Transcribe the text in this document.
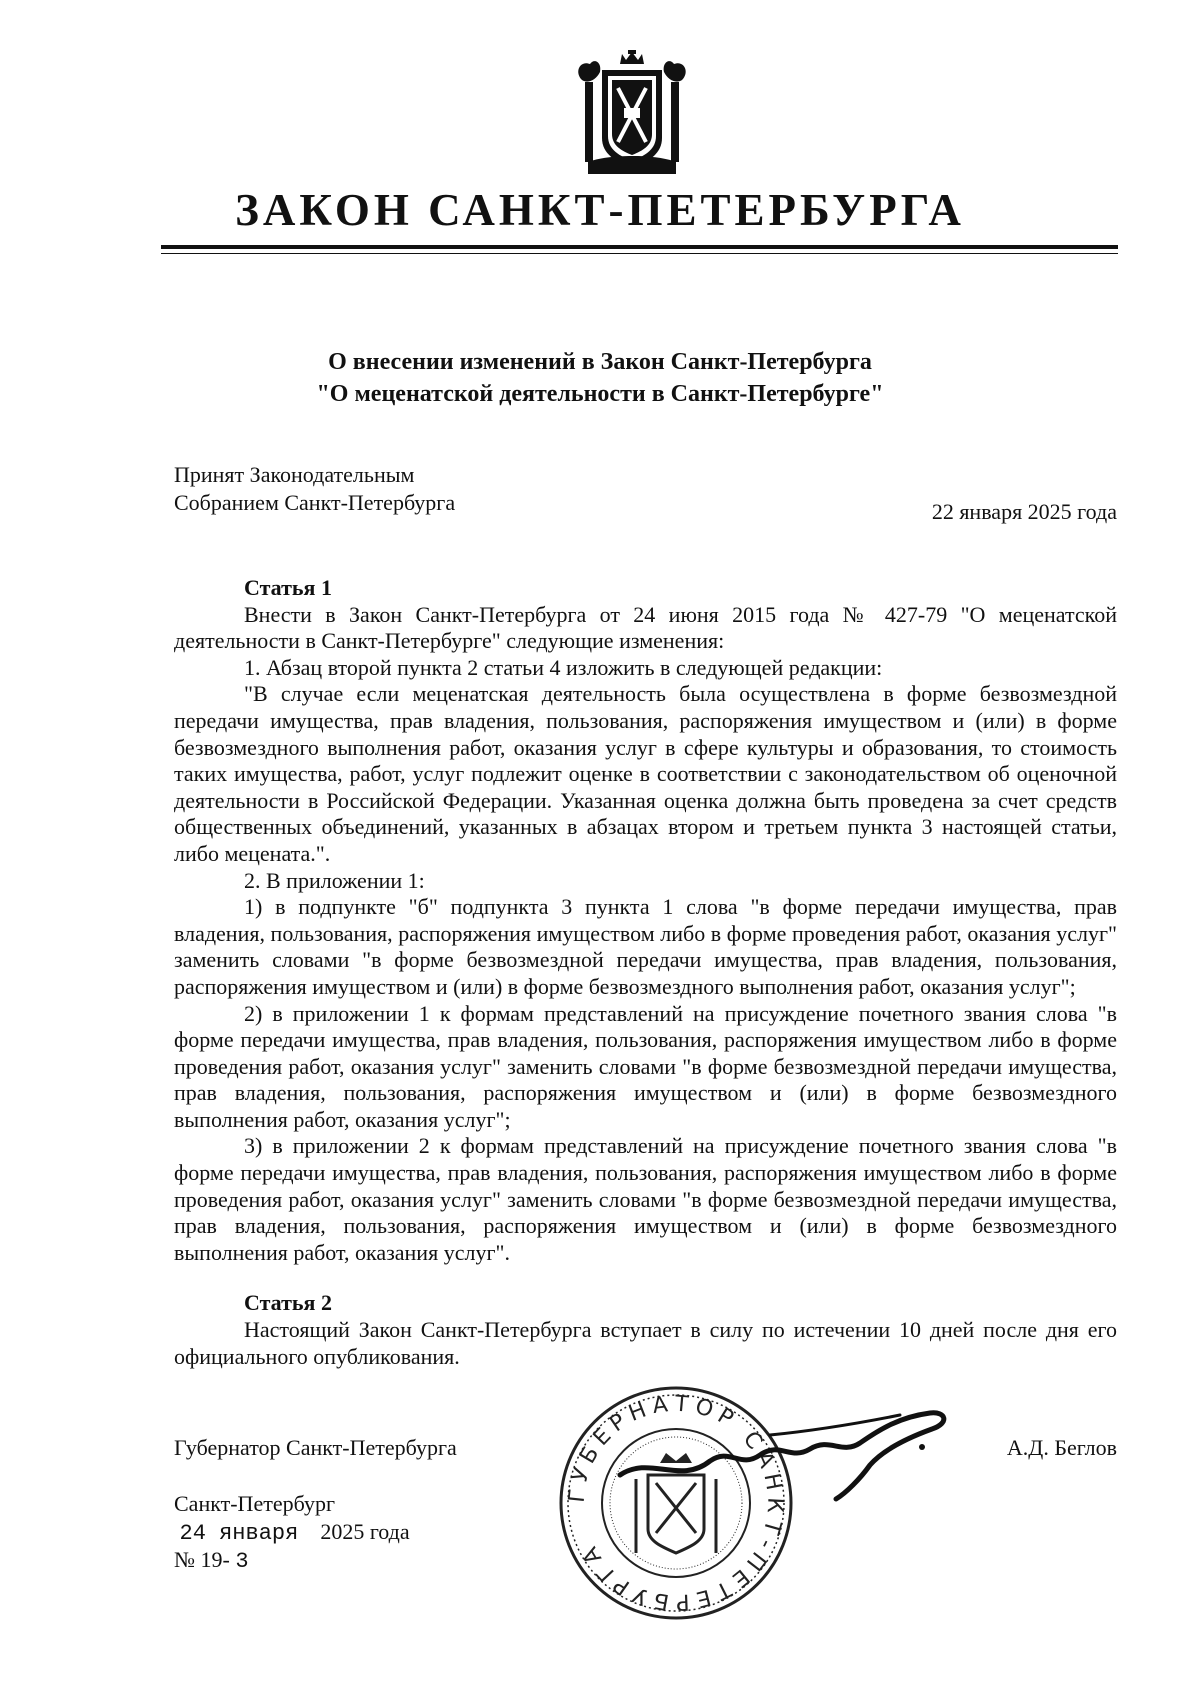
ЗАКОН САНКТ-ПЕТЕРБУРГА
О внесении изменений в Закон Санкт-Петербурга
"О меценатской деятельности в Санкт-Петербурге"
Принят Законодательным
Собранием Санкт-Петербурга	22 января 2025 года

Статья 1

Внести в Закон Санкт-Петербурга от 24 июня 2015 года № 427-79 "О меценатской деятельности в Санкт-Петербурге" следующие изменения:

1. Абзац второй пункта 2 статьи 4 изложить в следующей редакции:

"В случае если меценатская деятельность была осуществлена в форме безвозмездной передачи имущества, прав владения, пользования, распоряжения имуществом и (или) в форме безвозмездного выполнения работ, оказания услуг в сфере культуры и образования, то стоимость таких имущества, работ, услуг подлежит оценке в соответствии с законодательством об оценочной деятельности в Российской Федерации. Указанная оценка должна быть проведена за счет средств общественных объединений, указанных в абзацах втором и третьем пункта 3 настоящей статьи, либо мецената.".

2. В приложении 1:

1) в подпункте "б" подпункта 3 пункта 1 слова "в форме передачи имущества, прав владения, пользования, распоряжения имуществом либо в форме проведения работ, оказания услуг" заменить словами "в форме безвозмездной передачи имущества, прав владения, пользования, распоряжения имуществом и (или) в форме безвозмездного выполнения работ, оказания услуг";

2) в приложении 1 к формам представлений на присуждение почетного звания слова "в форме передачи имущества, прав владения, пользования, распоряжения имуществом либо в форме проведения работ, оказания услуг" заменить словами "в форме безвозмездной передачи имущества, прав владения, пользования, распоряжения имуществом и (или) в форме безвозмездного выполнения работ, оказания услуг";

3) в приложении 2 к формам представлений на присуждение почетного звания слова "в форме передачи имущества, прав владения, пользования, распоряжения имуществом либо в форме проведения работ, оказания услуг" заменить словами "в форме безвозмездной передачи имущества, прав владения, пользования, распоряжения имуществом и (или) в форме безвозмездного выполнения работ, оказания услуг".

Статья 2

Настоящий Закон Санкт-Петербурга вступает в силу по истечении 10 дней после дня его официального опубликования.

Губернатор Санкт-Петербурга	А.Д. Беглов
Санкт-Петербург
24 января 2025 года
№ 19- 3
ГУБЕРНАТОР САНКТ-ПЕТЕРБУРГА
